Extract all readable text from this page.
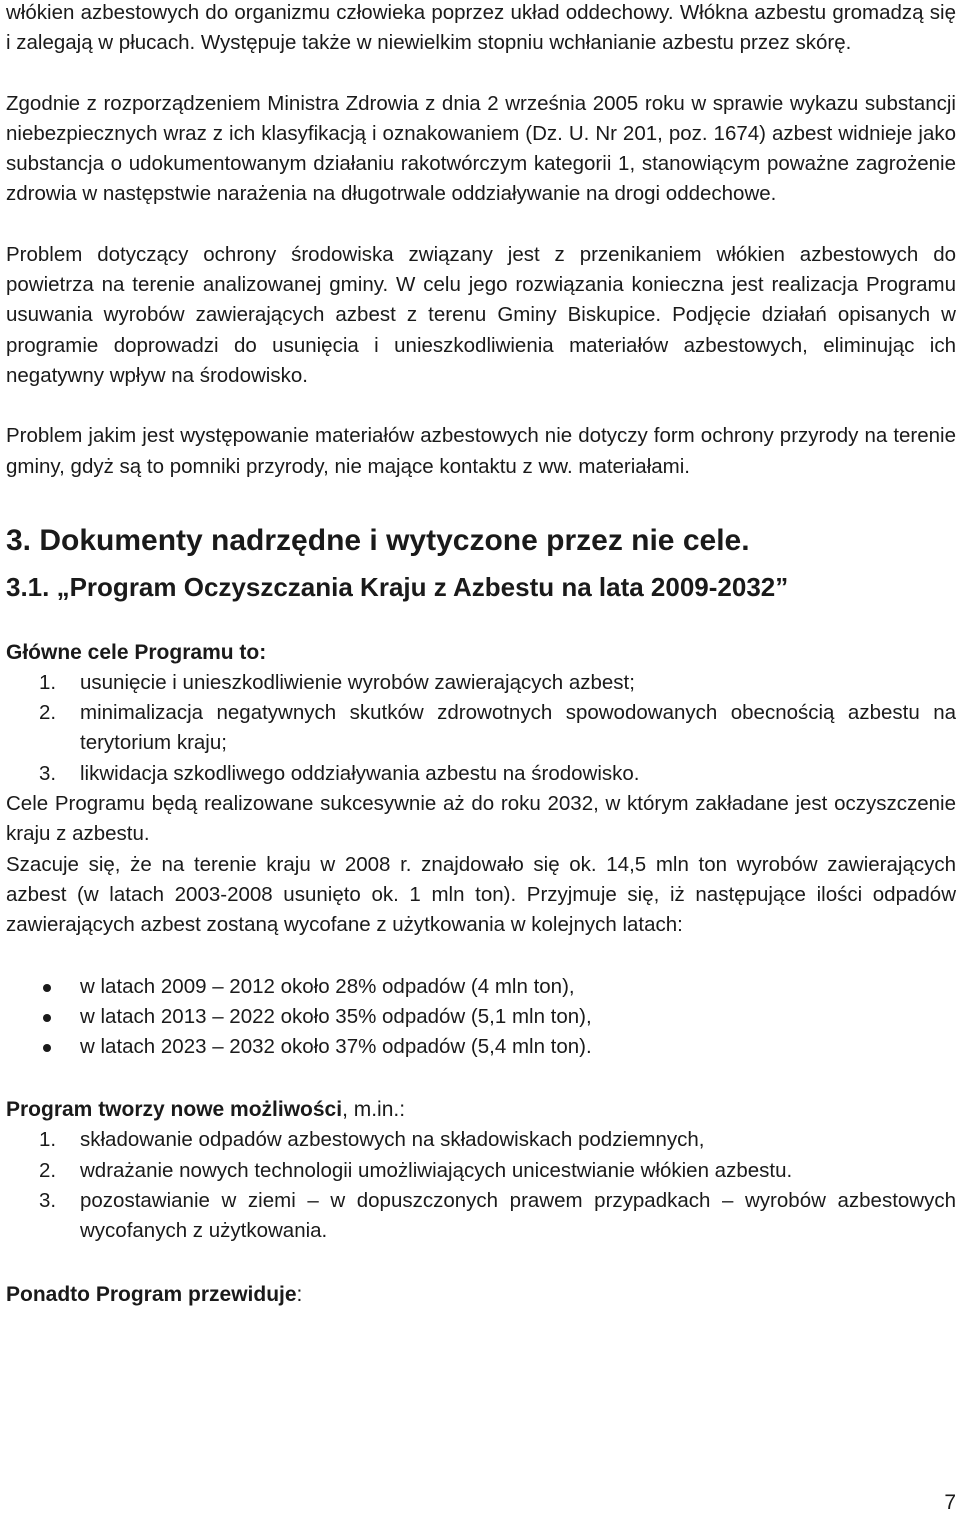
włókien azbestowych do organizmu człowieka poprzez układ oddechowy. Włókna azbestu gromadzą się i zalegają w płucach. Występuje także w niewielkim stopniu wchłanianie azbestu przez skórę.

Zgodnie z rozporządzeniem Ministra Zdrowia z dnia 2 września 2005 roku w sprawie wykazu substancji niebezpiecznych wraz z ich klasyfikacją i oznakowaniem (Dz. U. Nr 201, poz. 1674) azbest widnieje jako substancja o udokumentowanym działaniu rakotwórczym kategorii 1, stanowiącym poważne zagrożenie zdrowia w następstwie narażenia na długotrwale oddziaływanie na drogi oddechowe.

Problem dotyczący ochrony środowiska związany jest z przenikaniem włókien azbestowych do powietrza na terenie analizowanej gminy. W celu jego rozwiązania konieczna jest realizacja Programu usuwania wyrobów zawierających azbest z terenu Gminy Biskupice. Podjęcie działań opisanych w programie doprowadzi do usunięcia i unieszkodliwienia materiałów azbestowych, eliminując ich negatywny wpływ na środowisko.

Problem jakim jest występowanie materiałów azbestowych nie dotyczy form ochrony przyrody na terenie gminy, gdyż są to pomniki przyrody, nie mające kontaktu z ww. materiałami.

3. Dokumenty nadrzędne i wytyczone przez nie cele.
3.1. „Program Oczyszczania Kraju z Azbestu na lata 2009-2032”
Główne cele Programu to:
1. usunięcie i unieszkodliwienie wyrobów zawierających azbest;
2. minimalizacja negatywnych skutków zdrowotnych spowodowanych obecnością azbestu na terytorium kraju;
3. likwidacja szkodliwego oddziaływania azbestu na środowisko.

Cele Programu będą realizowane sukcesywnie aż do roku 2032, w którym zakładane jest oczyszczenie kraju z azbestu.

Szacuje się, że na terenie kraju w 2008 r. znajdowało się ok. 14,5 mln ton wyrobów zawierających azbest (w latach 2003-2008 usunięto ok. 1 mln ton). Przyjmuje się, iż następujące ilości odpadów zawierających azbest zostaną wycofane z użytkowania w kolejnych latach:

w latach 2009 – 2012 około 28% odpadów (4 mln ton),
w latach 2013 – 2022 około 35% odpadów (5,1 mln ton),
w latach 2023 – 2032 około 37% odpadów (5,4 mln ton).
Program tworzy nowe możliwości, m.in.:
1. składowanie odpadów azbestowych na składowiskach podziemnych,
2. wdrażanie nowych technologii umożliwiających unicestwianie włókien azbestu.
3. pozostawianie w ziemi – w dopuszczonych prawem przypadkach – wyrobów azbestowych wycofanych z użytkowania.
Ponadto Program przewiduje:
7
